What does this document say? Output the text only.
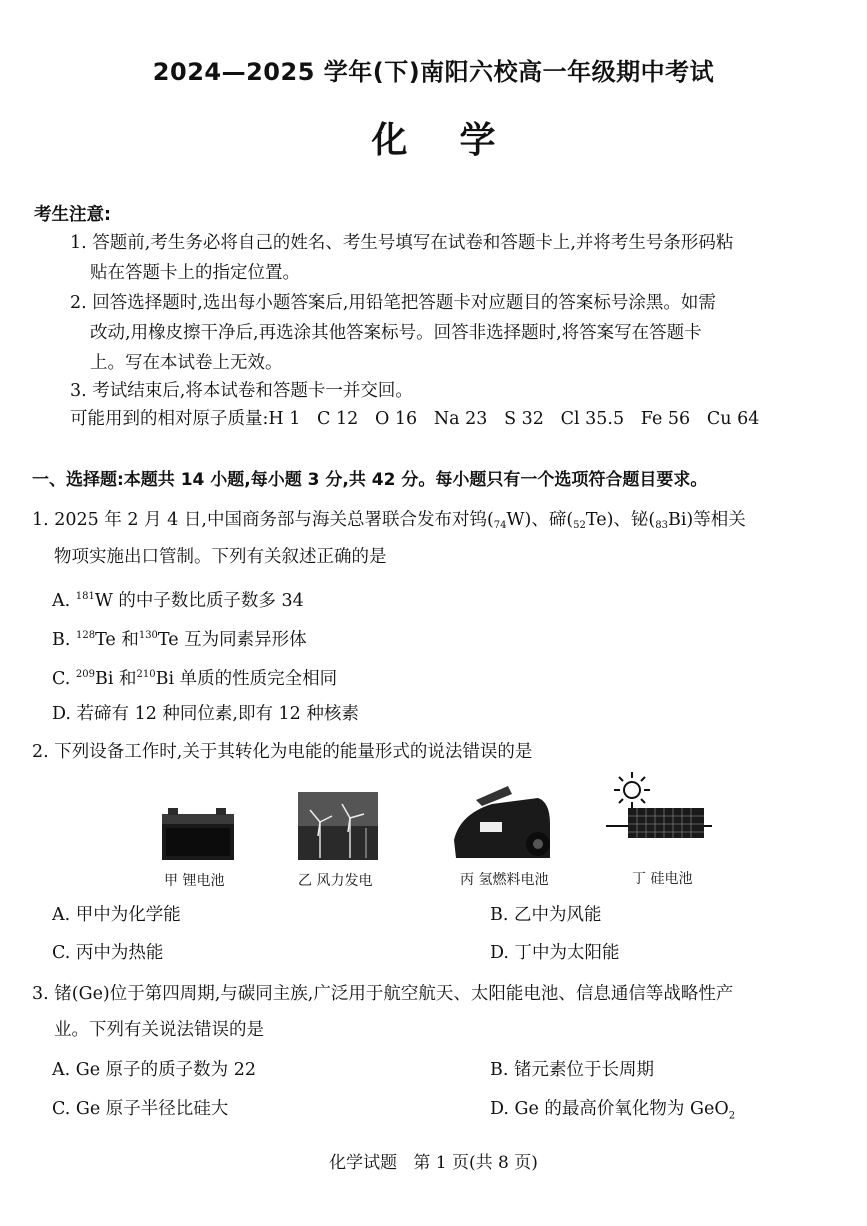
2024—2025 学年(下)南阳六校高一年级期中考试
化 学
考生注意:
1. 答题前,考生务必将自己的姓名、考生号填写在试卷和答题卡上,并将考生号条形码粘
贴在答题卡上的指定位置。
2. 回答选择题时,选出每小题答案后,用铅笔把答题卡对应题目的答案标号涂黑。如需
改动,用橡皮擦干净后,再选涂其他答案标号。回答非选择题时,将答案写在答题卡
上。写在本试卷上无效。
3. 考试结束后,将本试卷和答题卡一并交回。
可能用到的相对原子质量:H 1   C 12   O 16   Na 23   S 32   Cl 35.5   Fe 56   Cu 64
一、选择题:本题共 14 小题,每小题 3 分,共 42 分。每小题只有一个选项符合题目要求。
1. 2025 年 2 月 4 日,中国商务部与海关总署联合发布对钨$(_{74}W)$、碲$(_{52}Te)$、铋$(_{83}Bi)$等相关
物项实施出口管制。下列有关叙述正确的是
A. $^{181}$W 的中子数比质子数多 34
B. $^{128}$Te 和$^{130}$Te 互为同素异形体
C. $^{209}$Bi 和$^{210}$Bi 单质的性质完全相同
D. 若碲有 12 种同位素,即有 12 种核素
2. 下列设备工作时,关于其转化为电能的能量形式的说法错误的是
甲 锂电池	乙 风力发电	丙 氢燃料电池	丁 硅电池
A. 甲中为化学能	B. 乙中为风能
C. 丙中为热能	D. 丁中为太阳能
3. 锗(Ge)位于第四周期,与碳同主族,广泛用于航空航天、太阳能电池、信息通信等战略性产
业。下列有关说法错误的是
A. Ge 原子的质子数为 22	B. 锗元素位于长周期
C. Ge 原子半径比硅大	D. Ge 的最高价氧化物为 GeO$_2$
化学试题   第 1 页(共 8 页)
